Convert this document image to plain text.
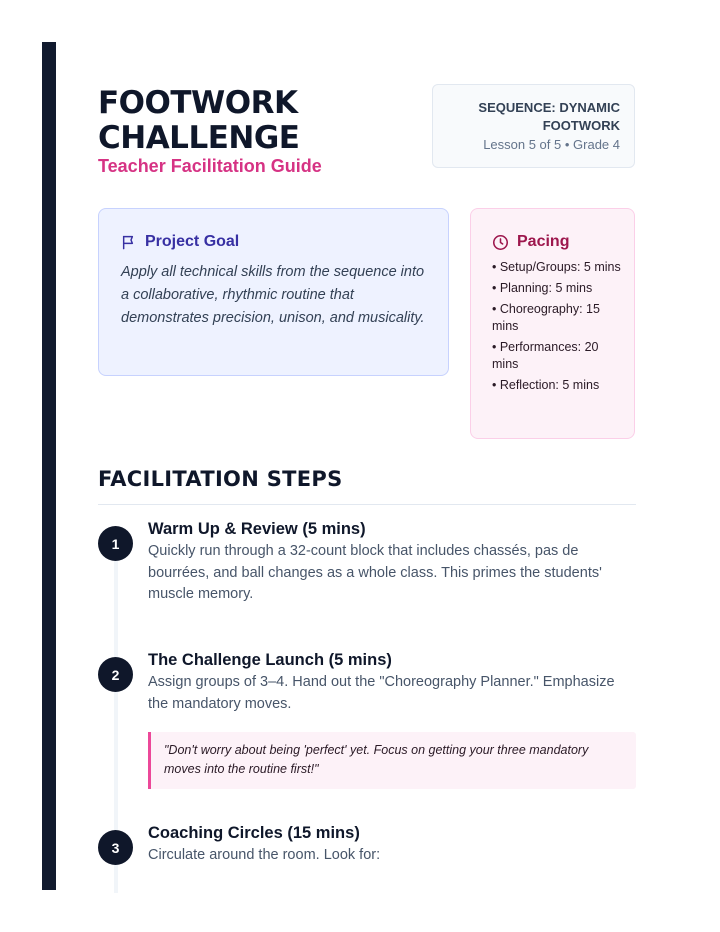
FOOTWORK
CHALLENGE
Teacher Facilitation Guide
SEQUENCE: DYNAMIC FOOTWORK
Lesson 5 of 5 • Grade 4
Project Goal

Apply all technical skills from the sequence into a collaborative, rhythmic routine that demonstrates precision, unison, and musicality.

Pacing
• Setup/Groups: 5 mins
• Planning: 5 mins
• Choreography: 15 mins
• Performances: 20 mins
• Reflection: 5 mins
FACILITATION STEPS
1
Warm Up & Review (5 mins)

Quickly run through a 32-count block that includes chassés, pas de bourrées, and ball changes as a whole class. This primes the students' muscle memory.

2
The Challenge Launch (5 mins)

Assign groups of 3–4. Hand out the "Choreography Planner." Emphasize the mandatory moves.

"Don't worry about being 'perfect' yet. Focus on getting your three mandatory moves into the routine first!"
3
Coaching Circles (15 mins)

Circulate around the room. Look for:
